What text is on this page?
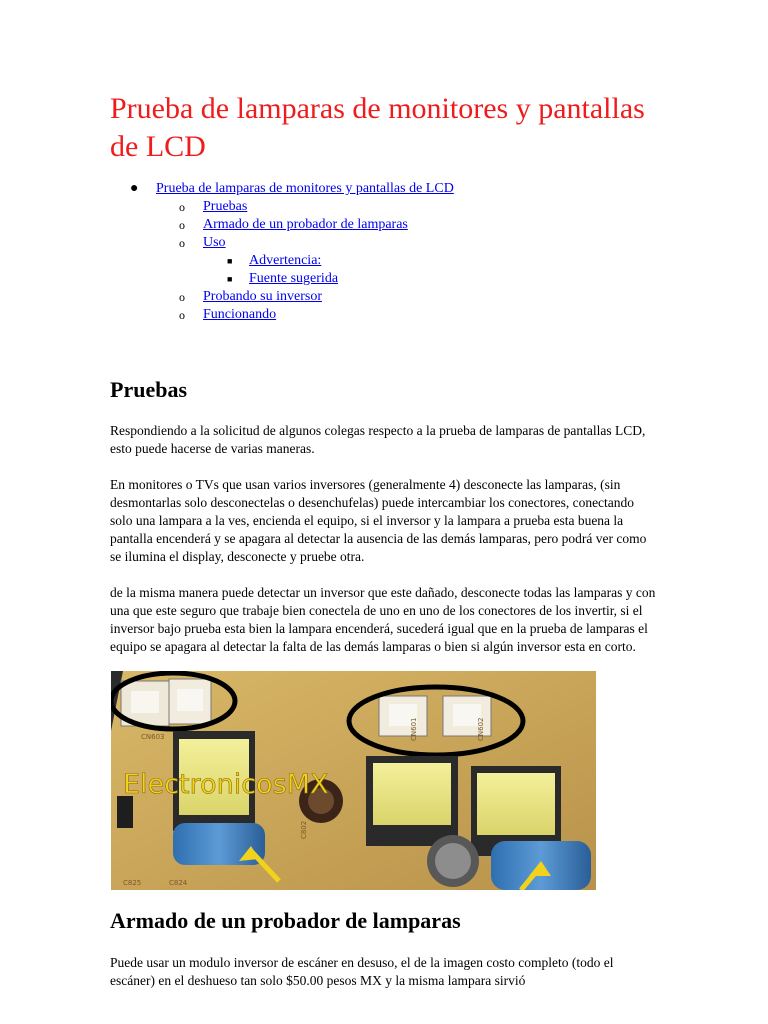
Prueba de lamparas de monitores y pantallas de LCD
● Prueba de lamparas de monitores y pantallas de LCD
o Pruebas
o Armado de un probador de lamparas
o Uso
■ Advertencia:
■ Fuente sugerida
o Probando su inversor
o Funcionando
Pruebas

Respondiendo a la solicitud de algunos colegas respecto a la prueba de lamparas de pantallas LCD, esto puede hacerse de varias maneras.

En monitores o TVs que usan varios inversores (generalmente 4) desconecte las lamparas, (sin desmontarlas solo desconectelas o desenchufelas) puede intercambiar los conectores, conectando solo una lampara a la ves, encienda el equipo, si el inversor y la lampara a prueba esta buena la pantalla encenderá y se apagara al detectar la ausencia de las demás lamparas, pero podrá ver como se ilumina el display, desconecte y pruebe otra.

de la misma manera puede detectar un inversor que este dañado, desconecte todas las lamparas y con una que este seguro que trabaje bien conectela de uno en uno de los conectores de los invertir, si el inversor bajo prueba esta bien la lampara encenderá, sucederá igual que en la prueba de lamparas el equipo se apagara al detectar la falta de las demás lamparas o bien si algún inversor esta en corto.

CN601	CN602
CN603
C824
C802
C825
ElectronicosMX
Armado de un probador de lamparas

Puede usar un modulo inversor de escáner en desuso, el de la imagen costo completo (todo el escáner) en el deshueso tan solo $50.00 pesos MX y la misma lampara sirvió
